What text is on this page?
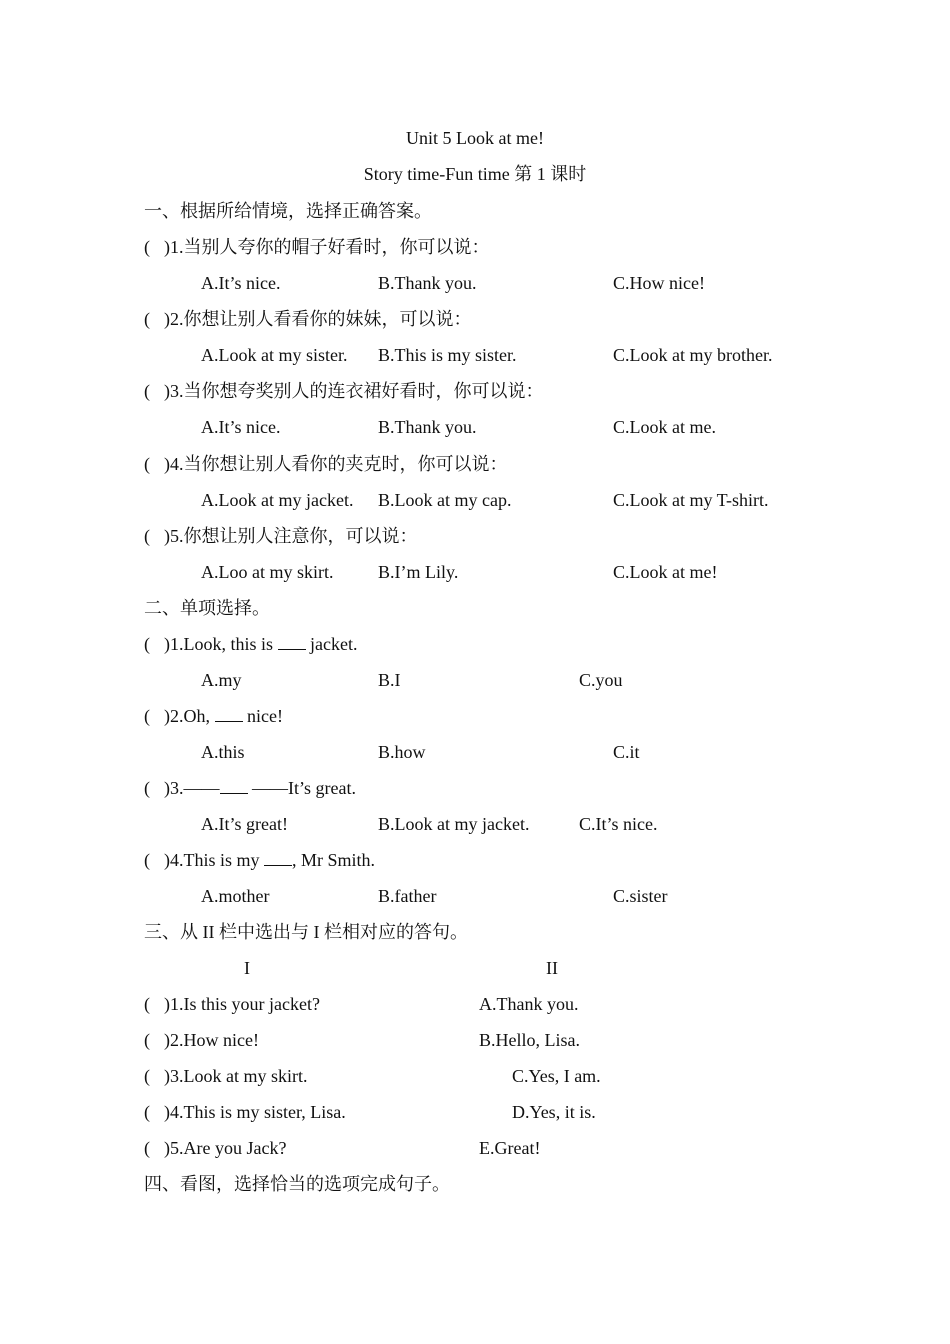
Unit 5 Look at me!
Story time-Fun time 第 1 课时
一、根据所给情境，选择正确答案。
( )1.当别人夸你的帽子好看时，你可以说：
A.It’s nice.	B.Thank you.	C.How nice!
( )2.你想让别人看看你的妹妹，可以说：
A.Look at my sister. B.This is my sister.	C.Look at my brother.
( )3.当你想夸奖别人的连衣裙好看时，你可以说：
A.It’s nice.	B.Thank you.	C.Look at me.
( )4.当你想让别人看你的夹克时，你可以说：
A.Look at my jacket. B.Look at my cap.	C.Look at my T-shirt.
( )5.你想让别人注意你，可以说：
A.Loo at my skirt. B.I’m Lily.	C.Look at me!
二、单项选择。
( )1.Look, this is  jacket.
A.my	B.I	C.you
( )2.Oh,  nice!
A.this	B.how	C.it
( )3.—— ——It’s great.
A.It’s great!	B.Look at my jacket.	C.It’s nice.
( )4.This is my , Mr Smith.
A.mother	B.father	C.sister
三、从 II 栏中选出与 I 栏相对应的答句。
I	II
( )1.Is this your jacket?	A.Thank you.
( )2.How nice!	B.Hello, Lisa.
( )3.Look at my skirt.	C.Yes, I am.
( )4.This is my sister, Lisa.	D.Yes, it is.
( )5.Are you Jack?	E.Great!
四、看图，选择恰当的选项完成句子。
